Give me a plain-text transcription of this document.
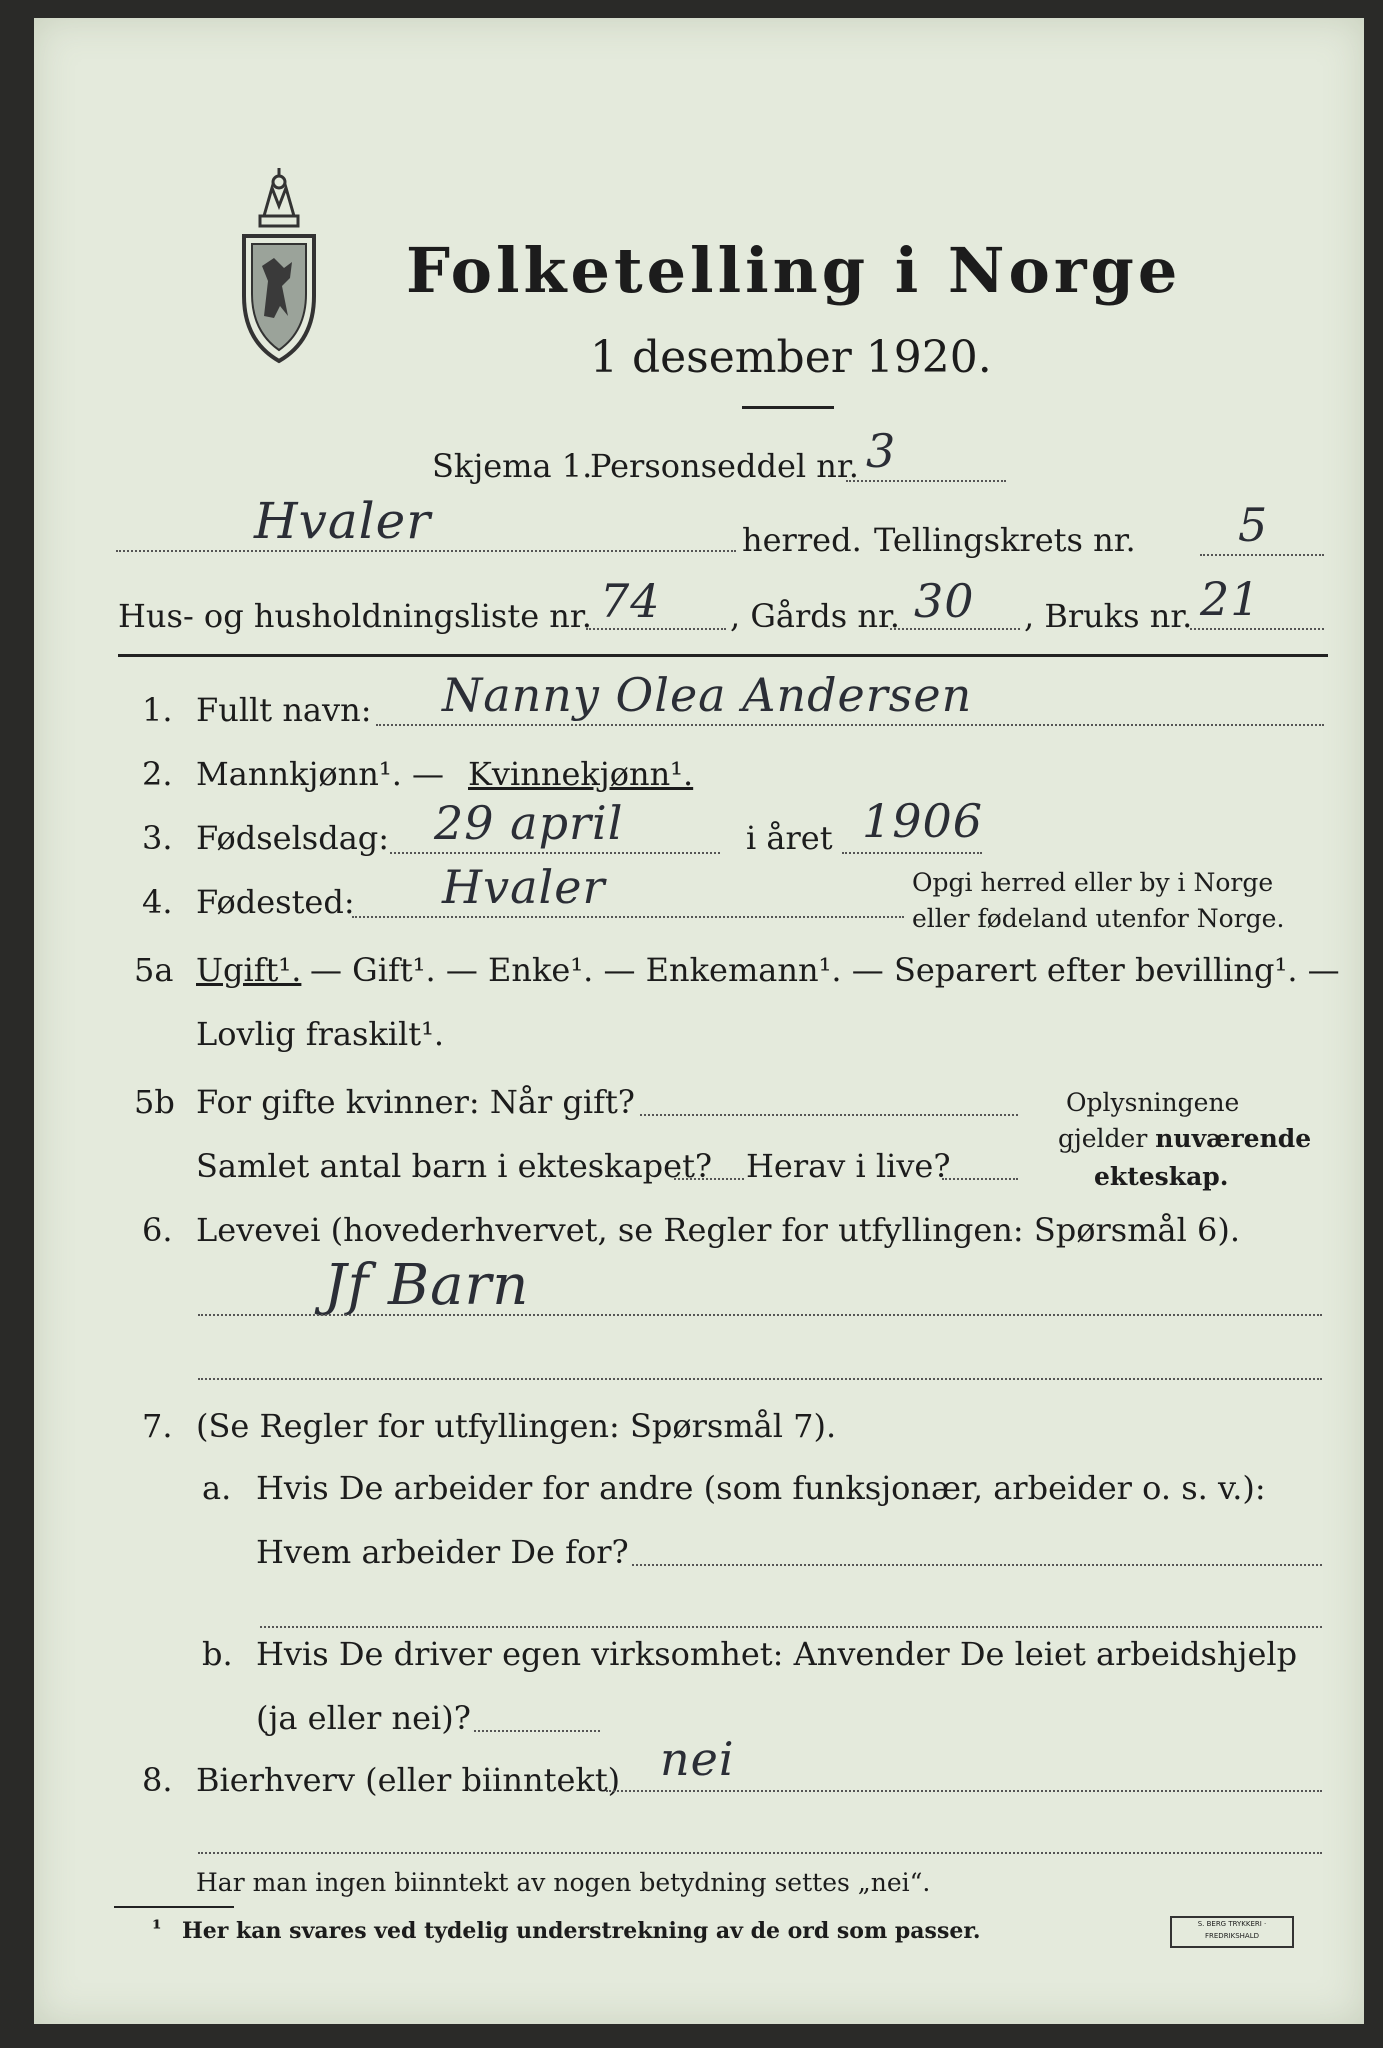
Folketelling i Norge
1 desember 1920.
Skjema 1.
Personseddel nr. 3
Hvaler	herred. Tellingskrets nr. 5
Hus- og husholdningsliste nr. 74 , Gårds nr. 30 , Bruks nr. 21
1. Fullt navn: Nanny Olea Andersen
2. Mannkjønn¹. — Kvinnekjønn¹.
3. Fødselsdag: 29 april	i året 1906
4. Fødested: Hvaler	Opgi herred eller by i Norge
eller fødeland utenfor Norge.
5a Ugift¹. — Gift¹. — Enke¹. — Enkemann¹. — Separert efter bevilling¹. —
Lovlig fraskilt¹.
5b For gifte kvinner: Når gift?
Samlet antal barn i ekteskapet? Herav i live?
Oplysningene
gjelder nuværende
ekteskap.
6. Levevei (hovederhvervet, se Regler for utfyllingen: Spørsmål 6).
Jf Barn
7. (Se Regler for utfyllingen: Spørsmål 7).
a. Hvis De arbeider for andre (som funksjonær, arbeider o. s. v.):
Hvem arbeider De for?
b. Hvis De driver egen virksomhet: Anvender De leiet arbeidshjelp
(ja eller nei)?
8. Bierhverv (eller biinntekt) nei
Har man ingen biinntekt av nogen betydning settes „nei“.
¹ Her kan svares ved tydelig understrekning av de ord som passer.	S. BERG TRYKKERI · FREDRIKSHALD
